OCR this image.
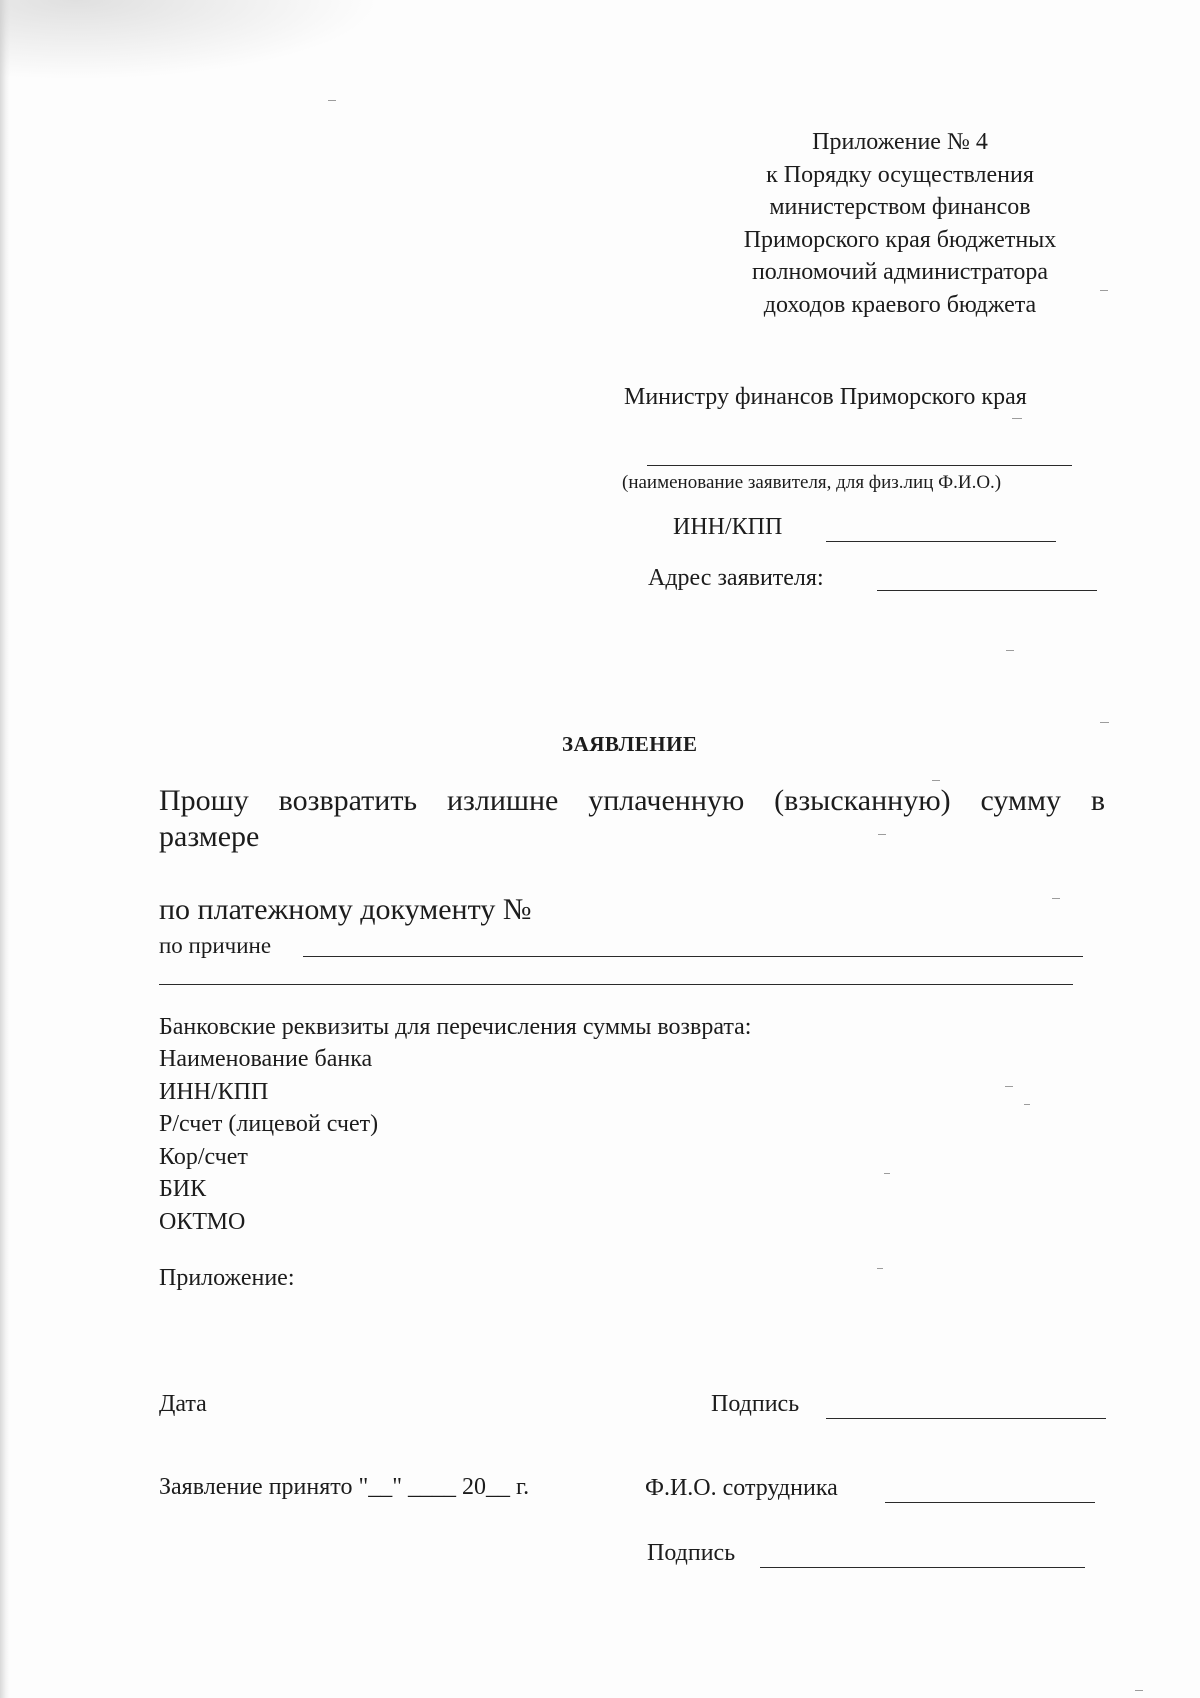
Приложение № 4
к Порядку осуществления
министерством финансов
Приморского края бюджетных
полномочий администратора
доходов краевого бюджета
Министру финансов Приморского края
(наименование заявителя, для физ.лиц Ф.И.О.)
ИНН/КПП
Адрес заявителя:
ЗАЯВЛЕНИЕ
Прошу возвратить излишне уплаченную (взысканную) сумму в
размере
по платежному документу №
по причине
Банковские реквизиты для перечисления суммы возврата:
Наименование банка
ИНН/КПП
Р/счет (лицевой счет)
Кор/счет
БИК
ОКТМО
Приложение:
Дата	Подпись
Заявление принято "__" ____ 20__ г.	Ф.И.О. сотрудника
Подпись
